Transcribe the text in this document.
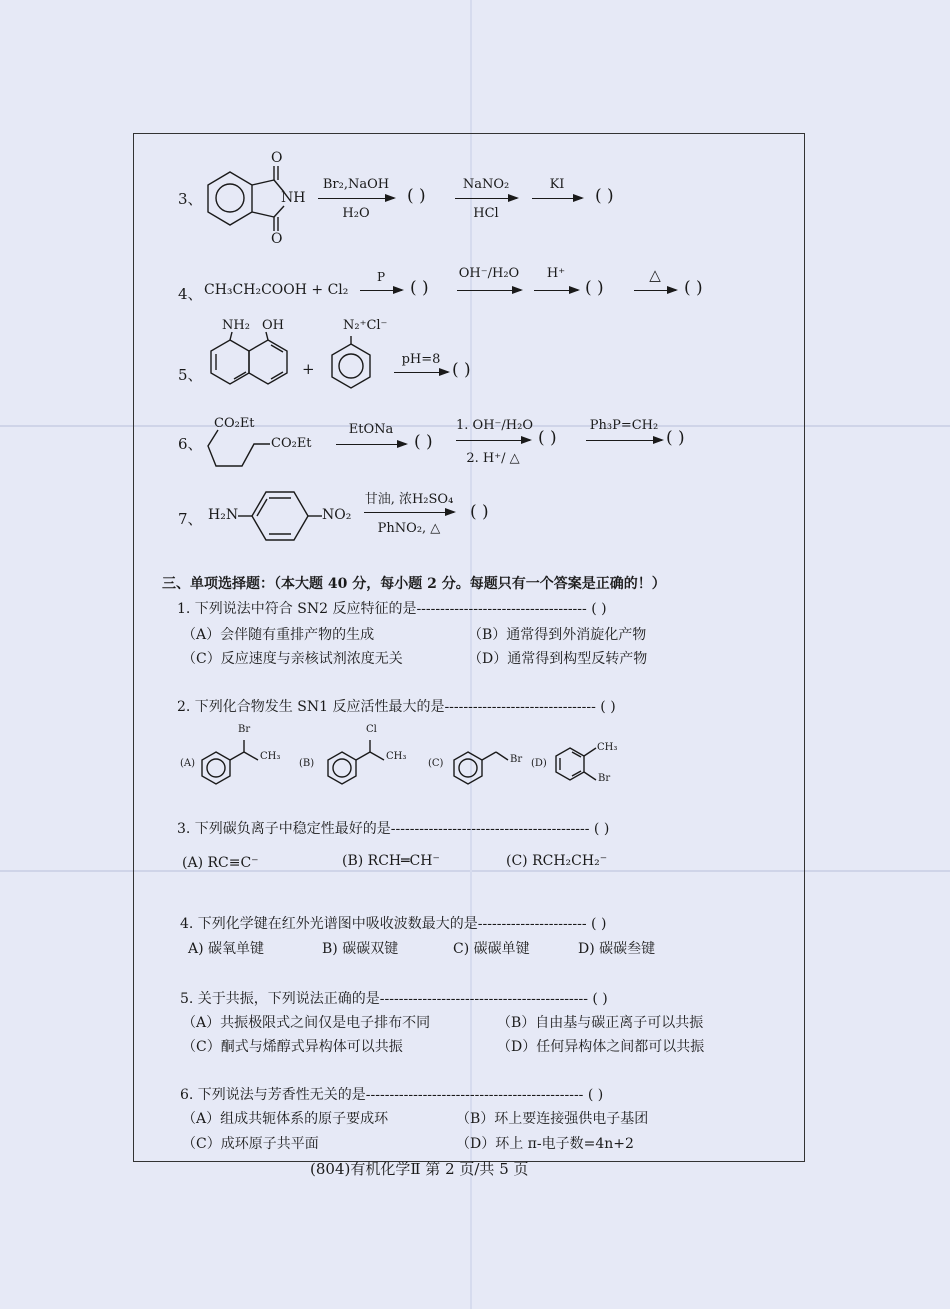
3、
O
NH
O
Br₂,NaOH
H₂O
( )
NaNO₂
HCl
KI
→ ( )
4、 CH₃CH₂COOH + Cl₂
P
→ ( )
OH⁻/H₂O	H⁺
→ ( )
△
→ ( )
5、
NH₂ OH
+
N₂⁺Cl⁻
pH=8
→ ( )
6、
CO₂Et
CO₂Et
EtONa
( )
1. OH⁻/H₂O
2. H⁺/ △
( )
Ph₃P=CH₂
( )
7、 H₂N	NO₂
甘油, 浓H₂SO₄
PhNO₂, △
( )
三、单项选择题：（本大题 40 分，每小题 2 分。每题只有一个答案是正确的！）
1. 下列说法中符合 SN2 反应特征的是------------------------------------ ( )
（A）会伴随有重排产物的生成	（B）通常得到外消旋化产物
（C）反应速度与亲核试剂浓度无关	（D）通常得到构型反转产物
2. 下列化合物发生 SN1 反应活性最大的是-------------------------------- ( )
(A)
Br
CH₃
(B)
Cl
CH₃
(C)	Br (D)
CH₃
Br
3. 下列碳负离子中稳定性最好的是------------------------------------------ ( )
(A) RC≡C⁻	(B) RCH═CH⁻	(C) RCH₂CH₂⁻
4. 下列化学键在红外光谱图中吸收波数最大的是----------------------- ( )
A) 碳氧单键	B) 碳碳双键	C) 碳碳单键	D) 碳碳叁键
5. 关于共振，下列说法正确的是-------------------------------------------- ( )
（A）共振极限式之间仅是电子排布不同	（B）自由基与碳正离子可以共振
（C）酮式与烯醇式异构体可以共振	（D）任何异构体之间都可以共振
6. 下列说法与芳香性无关的是---------------------------------------------- ( )
（A）组成共轭体系的原子要成环	（B）环上要连接强供电子基团
（C）成环原子共平面	（D）环上 π-电子数=4n+2
(804)有机化学Ⅱ 第 2 页/共 5 页
